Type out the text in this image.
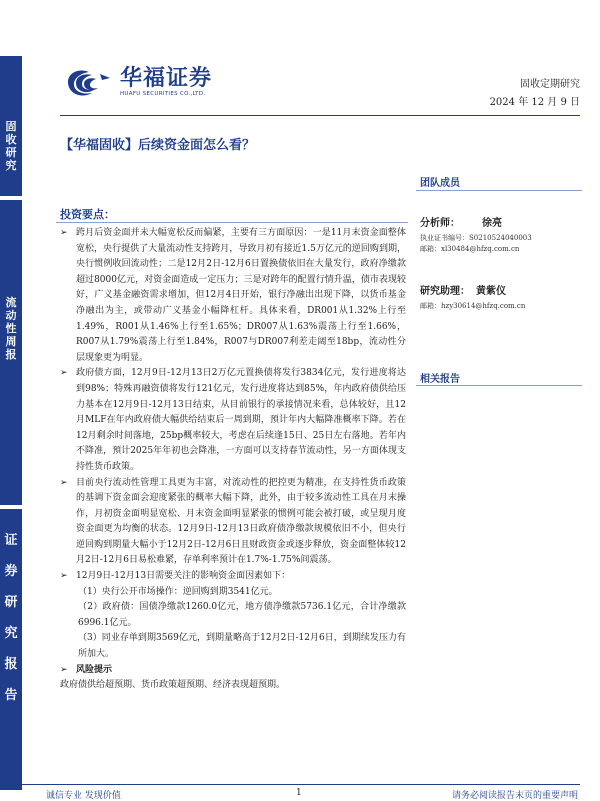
固
收
研
究
流
动
性
周
报
证
券
研
究
报
告
华福证券
HUAFU SECURITIES CO.,LTD.
固收定期研究
2024 年 12 月 9 日
【华福固收】后续资金面怎么看？
团队成员
分析师： 徐亮
执业证书编号：S0210524040003
邮箱：xl30484@hfzq.com.cn
研究助理： 黄紫仪
邮箱：hzy30614@hfzq.com.cn
相关报告
投资要点：
➢ 跨月后资金面并未大幅宽松反而偏紧，主要有三方面原因：一是11月末资金面整体宽松，央行提供了大量流动性支持跨月，导致月初有接近1.5万亿元的逆回购到期，央行惯例收回流动性；二是12月2日-12月6日置换债依旧在大量发行，政府净缴款超过8000亿元，对资金面造成一定压力；三是对跨年的配置行情升温，债市表现较好，广义基金融资需求增加，但12月4日开始，银行净融出出现下降，以货币基金净融出为主，或带动广义基金小幅降杠杆。具体来看，DR001从1.32%上行至1.49%，R001从1.46%上行至1.65%；DR007从1.63%震荡上行至1.66%，R007从1.79%震荡上行至1.84%，R007与DR007利差走阔至18bp，流动性分层现象更为明显。
➢ 政府债方面，12月9日-12月13日2万亿元置换债将发行3834亿元，发行进度将达到98%；特殊再融资债将发行121亿元，发行进度将达到85%，年内政府债供给压力基本在12月9日-12月13日结束，从目前银行的承接情况来看，总体较好，且12月MLF在年内政府债大幅供给结束后一周到期，預计年内大幅降准概率下降。若在12月剩余时间落地，25bp概率较大，考虑在后续逢15日、25日左右落地。若年内不降准，預计2025年年初也会降准，一方面可以支持春节流动性，另一方面体现支持性货币政策。
➢ 目前央行流动性管理工具更为丰富，对流动性的把控更为精准，在支持性货币政策的基调下资金面会迎度紧张的概率大幅下降，此外，由于较多流动性工具在月末操作，月初资金面明显宽松、月末资金面明显紧张的惯例可能会被打破，或呈现月度资金面更为均衡的状态。12月9日-12月13日政府债净缴款规模依旧不小，但央行逆回购到期量大幅小于12月2日-12月6日且财政资金或逐步释放，资金面整体较12月2日-12月6日易松难紧，存单利率预计在1.7%-1.75%间震荡。
➢ 12月9日-12月13日需要关注的影响资金面因素如下：
（1）央行公开市场操作：逆回购到期3541亿元。
（2）政府债：国债净缴款1260.0亿元，地方债净缴款5736.1亿元，合计净缴款6996.1亿元。
（3）同业存单到期3569亿元，到期量略高于12月2日-12月6日，到期续发压力有所加大。
➢ 风险提示
政府债供给超预期、货币政策超预期、经济表现超预期。
诚信专业 发现价值	1	请务必阅读报告末页的重要声明
